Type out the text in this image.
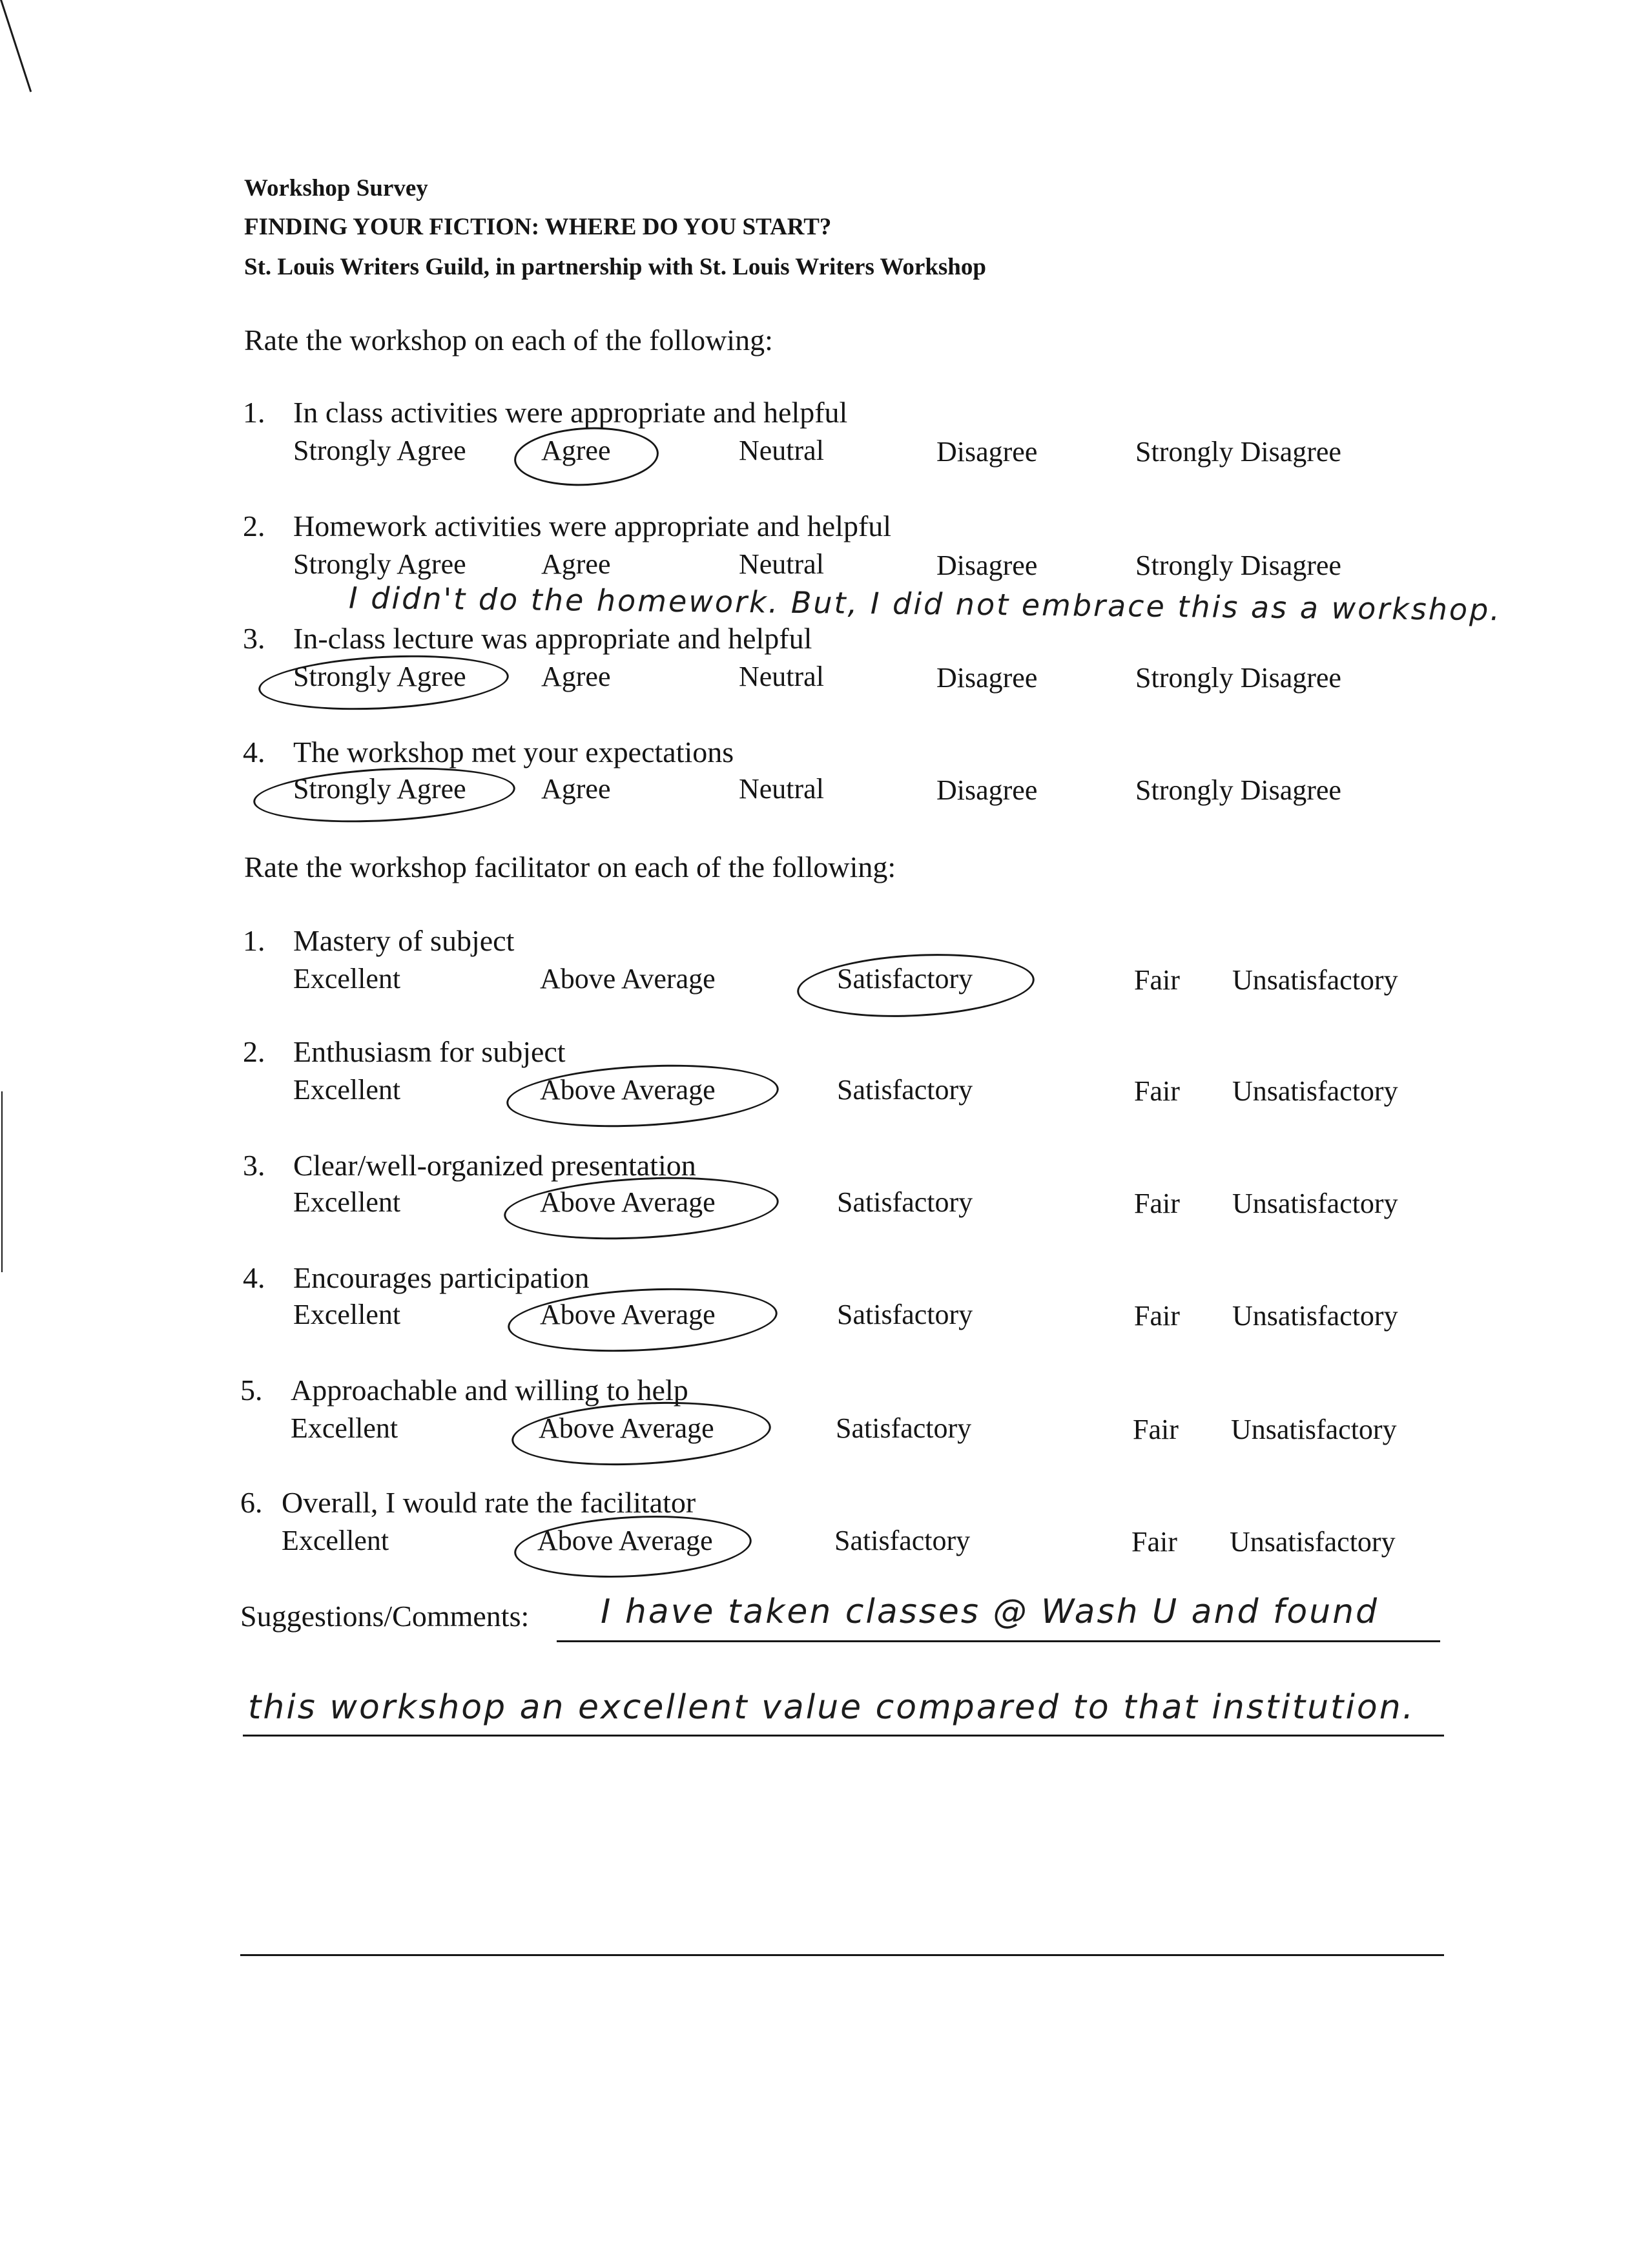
Workshop Survey
FINDING YOUR FICTION: WHERE DO YOU START?
St. Louis Writers Guild, in partnership with St. Louis Writers Workshop
Rate the workshop on each of the following:
1. In class activities were appropriate and helpful
Strongly Agree	Agree	Neutral	Disagree	Strongly Disagree
2. Homework activities were appropriate and helpful
Strongly Agree	Agree	Neutral	Disagree	Strongly Disagree
I didn't do the homework. But, I did not embrace this as a workshop.
3. In-class lecture was appropriate and helpful
Strongly Agree	Agree	Neutral	Disagree	Strongly Disagree
4. The workshop met your expectations
Strongly Agree	Agree	Neutral	Disagree	Strongly Disagree
Rate the workshop facilitator on each of the following:
1. Mastery of subject
Excellent	Above Average	Satisfactory	Fair Unsatisfactory
2. Enthusiasm for subject
Excellent	Above Average	Satisfactory	Fair Unsatisfactory
3. Clear/well-organized presentation
Excellent	Above Average	Satisfactory	Fair Unsatisfactory
4. Encourages participation
Excellent	Above Average	Satisfactory	Fair Unsatisfactory
5. Approachable and willing to help
Excellent	Above Average	Satisfactory	Fair Unsatisfactory
6. Overall, I would rate the facilitator
Excellent	Above Average	Satisfactory	Fair Unsatisfactory
Suggestions/Comments: I have taken classes @ Wash U and found
this workshop an excellent value compared to that institution.
